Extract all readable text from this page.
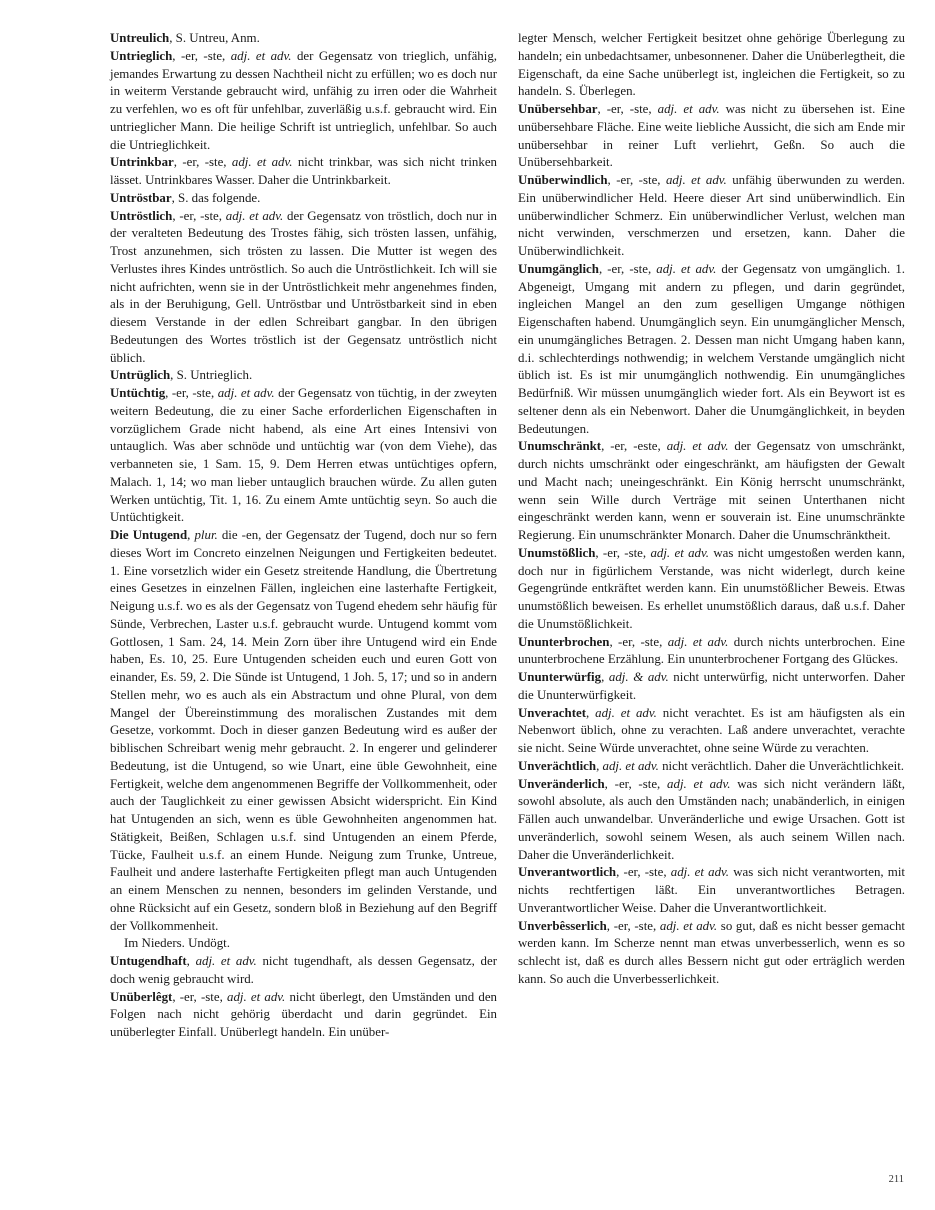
Untreulich, S. Untreu, Anm.

Untrieglich, -er, -ste, adj. et adv. der Gegensatz von trieglich, unfähig, jemandes Erwartung zu dessen Nachtheil nicht zu erfüllen; wo es doch nur in weiterm Verstande gebraucht wird, unfähig zu irren oder die Wahrheit zu verfehlen, wo es oft für unfehlbar, zuverläßig u.s.f. gebraucht wird. Ein untrieglicher Mann. Die heilige Schrift ist untrieglich, unfehlbar. So auch die Untrieglichkeit.

Untrinkbar, -er, -ste, adj. et adv. nicht trinkbar, was sich nicht trinken lässet. Untrinkbares Wasser. Daher die Untrinkbarkeit.

Untröstbar, S. das folgende.

Untröstlich, -er, -ste, adj. et adv. der Gegensatz von tröstlich, doch nur in der veralteten Bedeutung des Trostes fähig, sich trösten lassen, unfähig, Trost anzunehmen, sich trösten zu lassen. Die Mutter ist wegen des Verlustes ihres Kindes untröstlich. So auch die Untröstlichkeit. Ich will sie nicht aufrichten, wenn sie in der Untröstlichkeit mehr angenehmes finden, als in der Beruhigung, Gell. Untröstbar und Untröstbarkeit sind in eben diesem Verstande in der edlen Schreibart gangbar. In den übrigen Bedeutungen des Wortes tröstlich ist der Gegensatz untröstlich nicht üblich.

Untrüglich, S. Untrieglich.

Untüchtig, -er, -ste, adj. et adv. der Gegensatz von tüchtig, in der zweyten weitern Bedeutung, die zu einer Sache erforderlichen Eigenschaften in vorzüglichem Grade nicht habend, als eine Art eines Intensivi von untauglich. Was aber schnöde und untüchtig war (von dem Viehe), das verbanneten sie, 1 Sam. 15, 9. Dem Herren etwas untüchtiges opfern, Malach. 1, 14; wo man lieber untauglich brauchen würde. Zu allen guten Werken untüchtig, Tit. 1, 16. Zu einem Amte untüchtig seyn. So auch die Untüchtigkeit.

Die Untugend, plur. die -en, der Gegensatz der Tugend, doch nur so fern dieses Wort im Concreto einzelnen Neigungen und Fertigkeiten bedeutet. 1. Eine vorsetzlich wider ein Gesetz streitende Handlung, die Übertretung eines Gesetzes in einzelnen Fällen, ingleichen eine lasterhafte Fertigkeit, Neigung u.s.f. wo es als der Gegensatz von Tugend ehedem sehr häufig für Sünde, Verbrechen, Laster u.s.f. gebraucht wurde. Untugend kommt vom Gottlosen, 1 Sam. 24, 14. Mein Zorn über ihre Untugend wird ein Ende haben, Es. 10, 25. Eure Untugenden scheiden euch und euren Gott von einander, Es. 59, 2. Die Sünde ist Untugend, 1 Joh. 5, 17; und so in andern Stellen mehr, wo es auch als ein Abstractum und ohne Plural, von dem Mangel der Übereinstimmung des moralischen Zustandes mit dem Gesetze, vorkommt. Doch in dieser ganzen Bedeutung wird es außer der biblischen Schreibart wenig mehr gebraucht. 2. In engerer und gelinderer Bedeutung, ist die Untugend, so wie Unart, eine üble Gewohnheit, eine Fertigkeit, welche dem angenommenen Begriffe der Vollkommenheit, oder auch der Tauglichkeit zu einer gewissen Absicht widerspricht. Ein Kind hat Untugenden an sich, wenn es üble Gewohnheiten angenommen hat. Stätigkeit, Beißen, Schlagen u.s.f. sind Untugenden an einem Pferde, Tücke, Faulheit u.s.f. an einem Hunde. Neigung zum Trunke, Untreue, Faulheit und andere lasterhafte Fertigkeiten pflegt man auch Untugenden an einem Menschen zu nennen, besonders im gelinden Verstande, und ohne Rücksicht auf ein Gesetz, sondern bloß in Beziehung auf den Begriff der Vollkommenheit.

Im Nieders. Undögt.

Untugendhaft, adj. et adv. nicht tugendhaft, als dessen Gegensatz, der doch wenig gebraucht wird.

Unüberlêgt, -er, -ste, adj. et adv. nicht überlegt, den Umständen und den Folgen nach nicht gehörig überdacht und darin gegründet. Ein unüberlegter Einfall. Unüberlegt handeln. Ein unüber-

legter Mensch, welcher Fertigkeit besitzet ohne gehörige Überlegung zu handeln; ein unbedachtsamer, unbesonnener. Daher die Unüberlegtheit, die Eigenschaft, da eine Sache unüberlegt ist, ingleichen die Fertigkeit, so zu handeln. S. Überlegen.

Unübersehbar, -er, -ste, adj. et adv. was nicht zu übersehen ist. Eine unübersehbare Fläche. Eine weite liebliche Aussicht, die sich am Ende mir unübersehbar in reiner Luft verliehrt, Geßn. So auch die Unübersehbarkeit.

Unüberwindlich, -er, -ste, adj. et adv. unfähig überwunden zu werden. Ein unüberwindlicher Held. Heere dieser Art sind unüberwindlich. Ein unüberwindlicher Schmerz. Ein unüberwindlicher Verlust, welchen man nicht verwinden, verschmerzen und ersetzen, kann. Daher die Unüberwindlichkeit.

Unumgänglich, -er, -ste, adj. et adv. der Gegensatz von umgänglich. 1. Abgeneigt, Umgang mit andern zu pflegen, und darin gegründet, ingleichen Mangel an den zum geselligen Umgange nöthigen Eigenschaften habend. Unumgänglich seyn. Ein unumgänglicher Mensch, ein unumgängliches Betragen. 2. Dessen man nicht Umgang haben kann, d.i. schlechterdings nothwendig; in welchem Verstande umgänglich nicht üblich ist. Es ist mir unumgänglich nothwendig. Ein unumgängliches Bedürfniß. Wir müssen unumgänglich wieder fort. Als ein Beywort ist es seltener denn als ein Nebenwort. Daher die Unumgänglichkeit, in beyden Bedeutungen.

Unumschränkt, -er, -este, adj. et adv. der Gegensatz von umschränkt, durch nichts umschränkt oder eingeschränkt, am häufigsten der Gewalt und Macht nach; uneingeschränkt. Ein König herrscht unumschränkt, wenn sein Wille durch Verträge mit seinen Unterthanen nicht eingeschränkt werden kann, wenn er souverain ist. Eine unumschränkte Regierung. Ein unumschränkter Monarch. Daher die Unumschränktheit.

Unumstößlich, -er, -ste, adj. et adv. was nicht umgestoßen werden kann, doch nur in figürlichem Verstande, was nicht widerlegt, durch keine Gegengründe entkräftet werden kann. Ein unumstößlicher Beweis. Etwas unumstößlich beweisen. Es erhellet unumstößlich daraus, daß u.s.f. Daher die Unumstößlichkeit.

Ununterbrochen, -er, -ste, adj. et adv. durch nichts unterbrochen. Eine ununterbrochene Erzählung. Ein ununterbrochener Fortgang des Glückes.

Ununterwürfig, adj. & adv. nicht unterwürfig, nicht unterworfen. Daher die Ununterwürfigkeit.

Unverachtet, adj. et adv. nicht verachtet. Es ist am häufigsten als ein Nebenwort üblich, ohne zu verachten. Laß andere unverachtet, verachte sie nicht. Seine Würde unverachtet, ohne seine Würde zu verachten.

Unverächtlich, adj. et adv. nicht verächtlich. Daher die Unverächtlichkeit.

Unveränderlich, -er, -ste, adj. et adv. was sich nicht verändern läßt, sowohl absolute, als auch den Umständen nach; unabänderlich, in einigen Fällen auch unwandelbar. Unveränderliche und ewige Ursachen. Gott ist unveränderlich, sowohl seinem Wesen, als auch seinem Willen nach. Daher die Unveränderlichkeit.

Unverantwortlich, -er, -ste, adj. et adv. was sich nicht verantworten, mit nichts rechtfertigen läßt. Ein unverantwortliches Betragen. Unverantwortlicher Weise. Daher die Unverantwortlichkeit.

Unverbêsserlich, -er, -ste, adj. et adv. so gut, daß es nicht besser gemacht werden kann. Im Scherze nennt man etwas unverbesserlich, wenn es so schlecht ist, daß es durch alles Bessern nicht gut oder erträglich werden kann. So auch die Unverbesserlichkeit.

211
